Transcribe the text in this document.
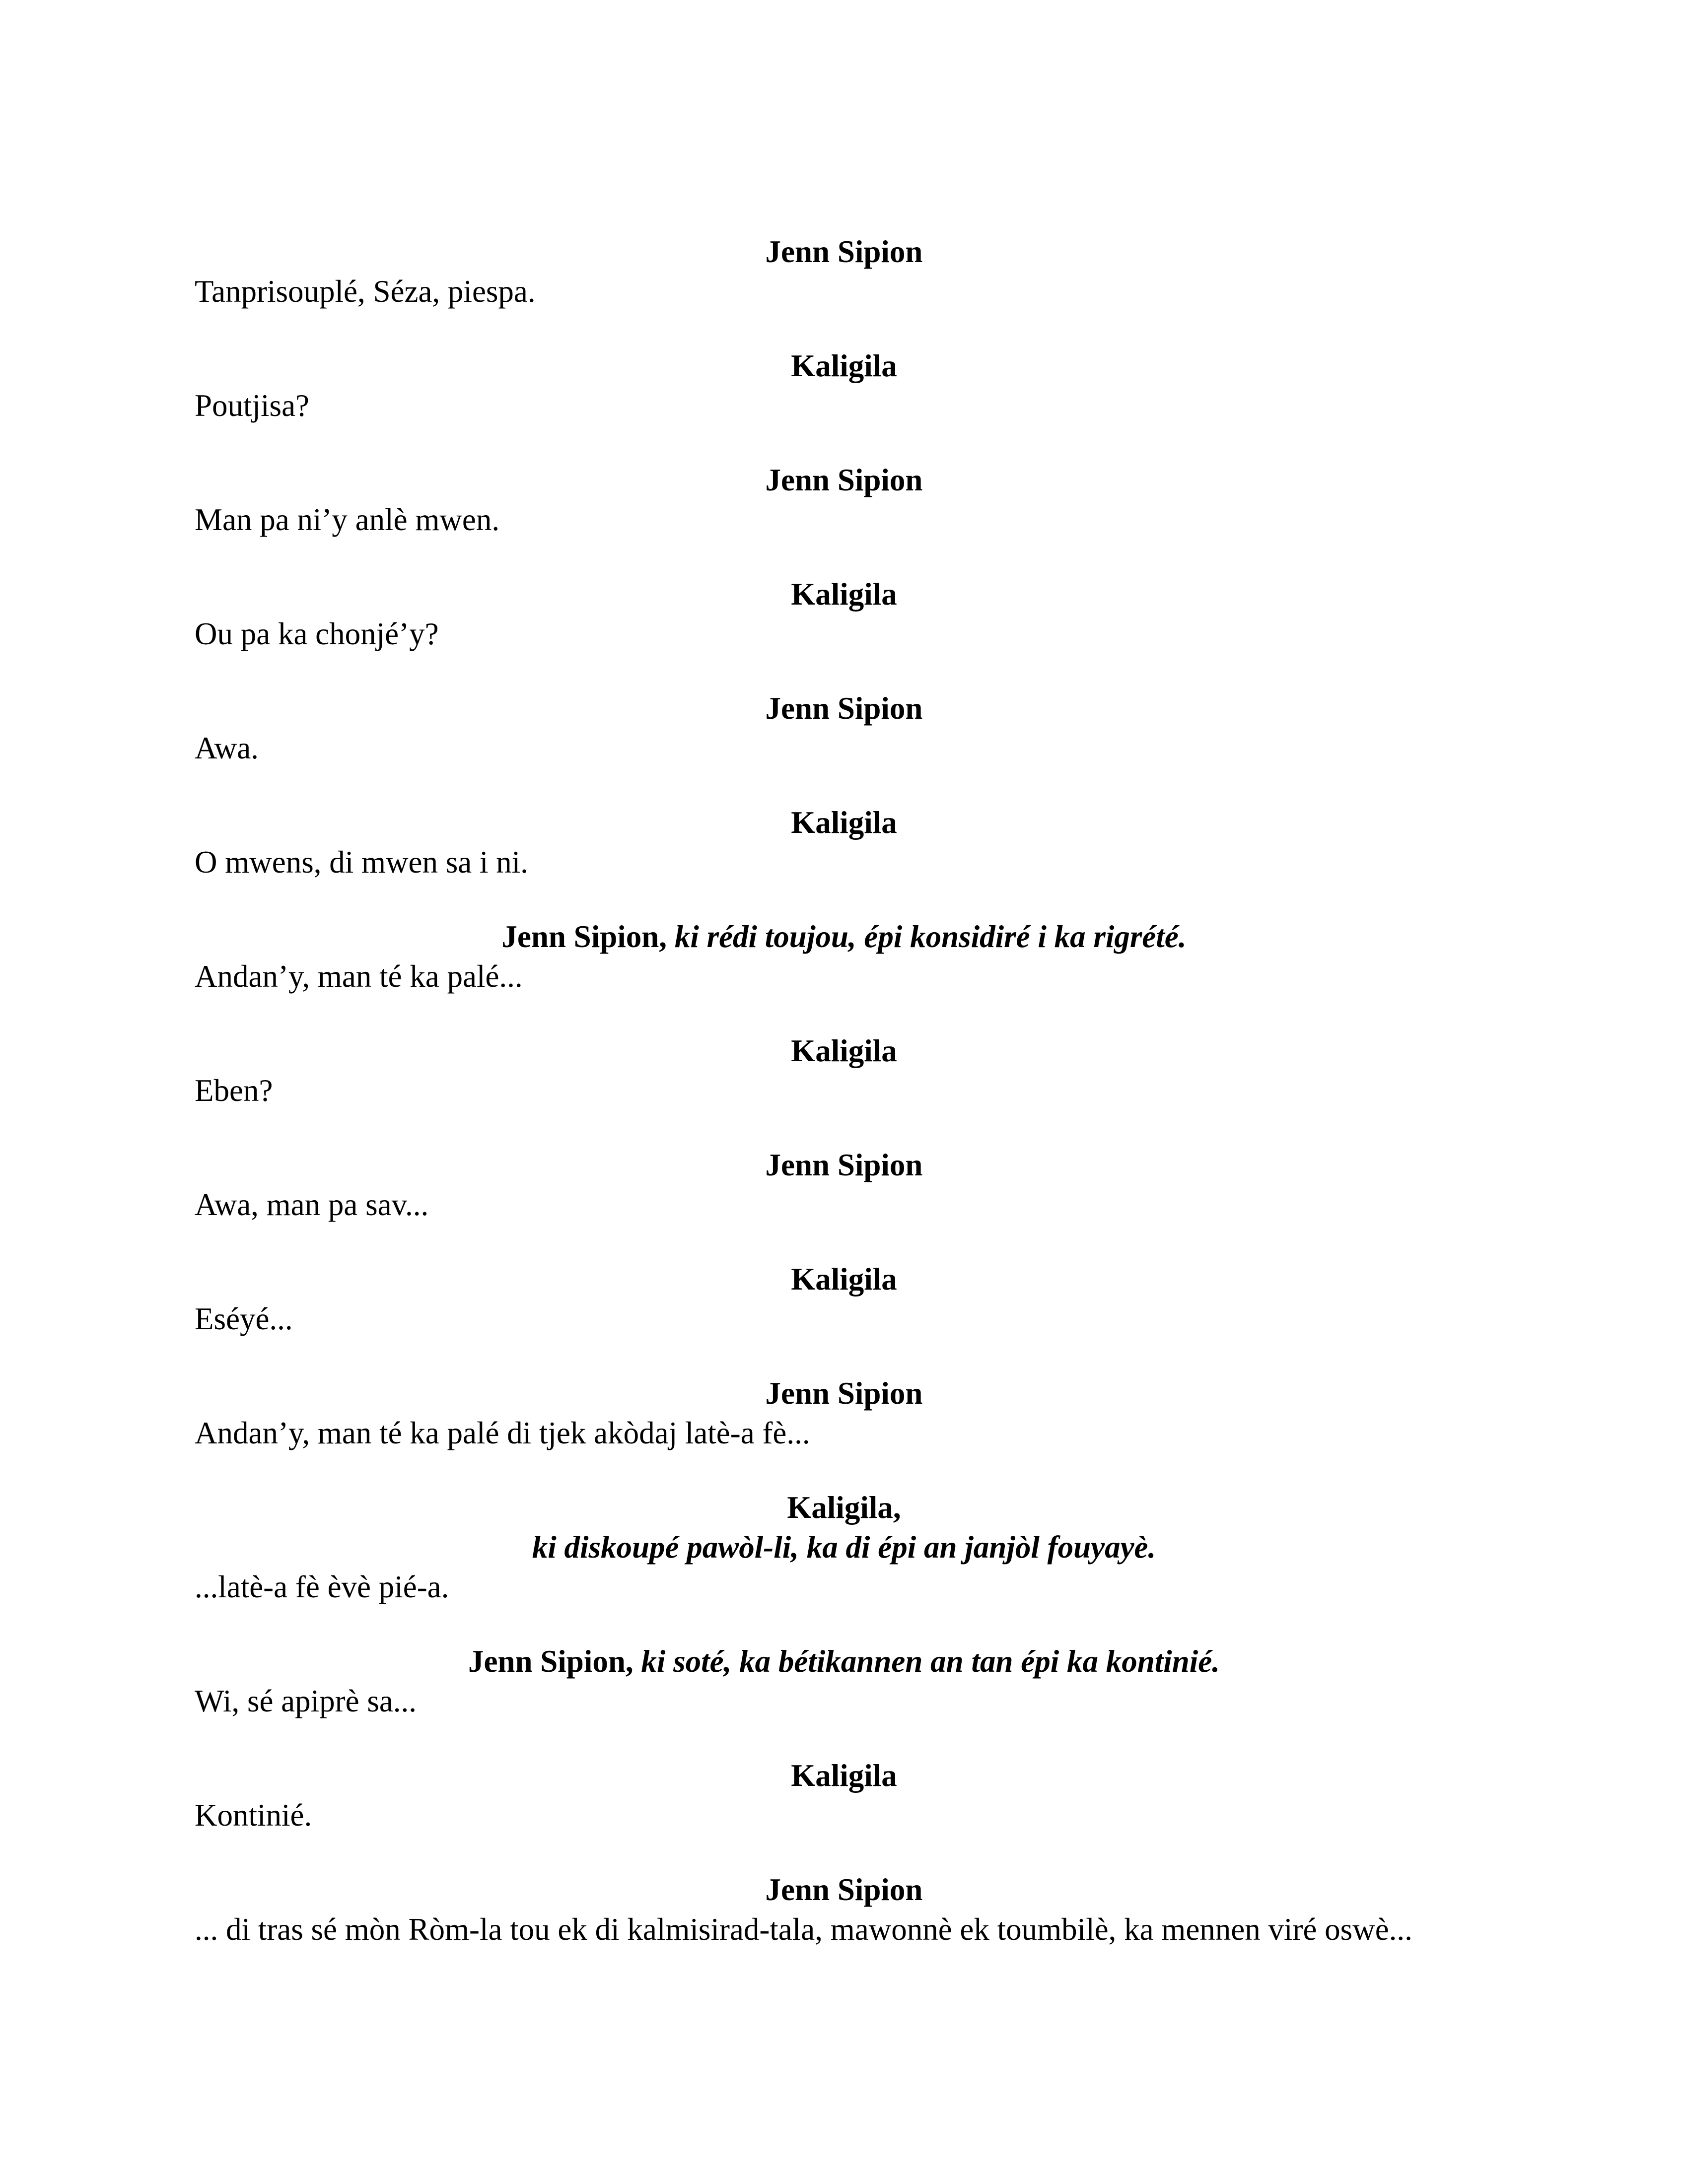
Jenn Sipion
Tanprisouplé, Séza, piespa.
Kaligila
Poutjisa?
Jenn Sipion
Man pa ni’y anlè mwen.
Kaligila
Ou pa ka chonjé’y?
Jenn Sipion
Awa.
Kaligila
O mwens, di mwen sa i ni.
Jenn Sipion, ki rédi toujou, épi konsidiré i ka rigrété.
Andan’y, man té ka palé...
Kaligila
Eben?
Jenn Sipion
Awa, man pa sav...
Kaligila
Eséyé...
Jenn Sipion
Andan’y, man té ka palé di tjek akòdaj latè-a fè...
Kaligila,
ki diskoupé pawòl-li, ka di épi an janjòl fouyayè.
...latè-a fè èvè pié-a.
Jenn Sipion, ki soté, ka bétikannen an tan épi ka kontinié.
Wi, sé apiprè sa...
Kaligila
Kontinié.
Jenn Sipion
... di tras sé mòn Ròm-la tou ek di kalmisirad-tala, mawonnè ek toumbilè, ka mennen viré oswè...
